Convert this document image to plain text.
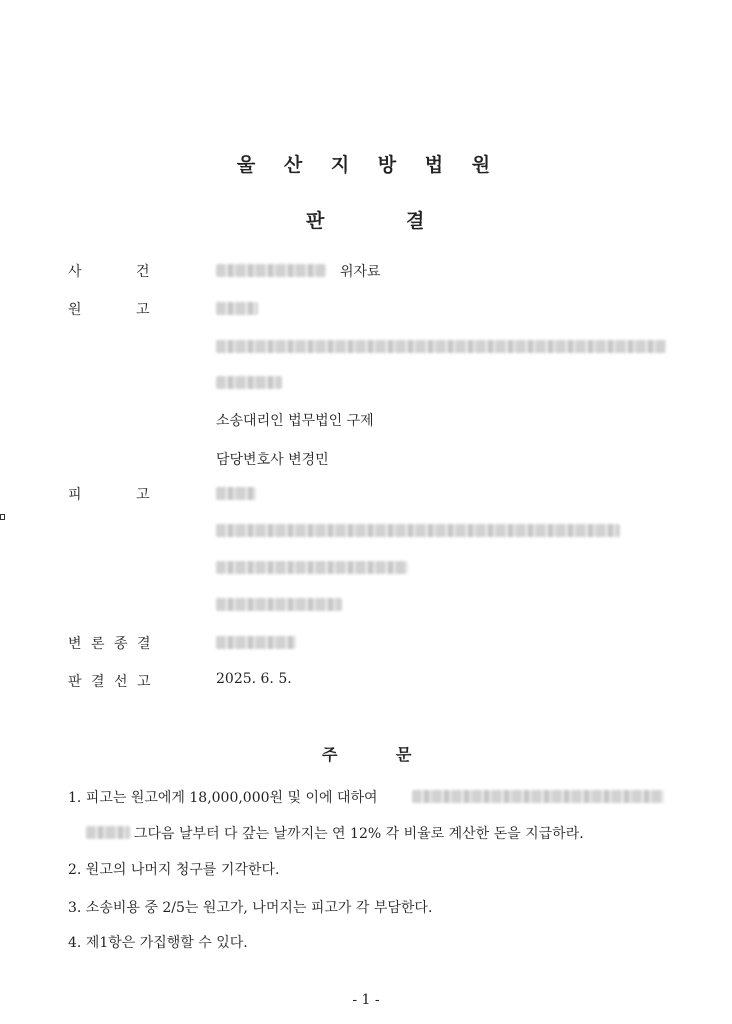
울 산 지 방 법 원
판	결
사	건	위자료
원	고
소송대리인 법무법인 구제
담당변호사 변경민
피	고
변 론 종 결
판 결 선 고	2025. 6. 5.
주	문
1. 피고는 원고에게 18,000,000원 및 이에 대하여
그다음 날부터 다 갚는 날까지는 연 12% 각 비율로 계산한 돈을 지급하라.
2. 원고의 나머지 청구를 기각한다.
3. 소송비용 중 2/5는 원고가, 나머지는 피고가 각 부담한다.
4. 제1항은 가집행할 수 있다.
- 1 -
